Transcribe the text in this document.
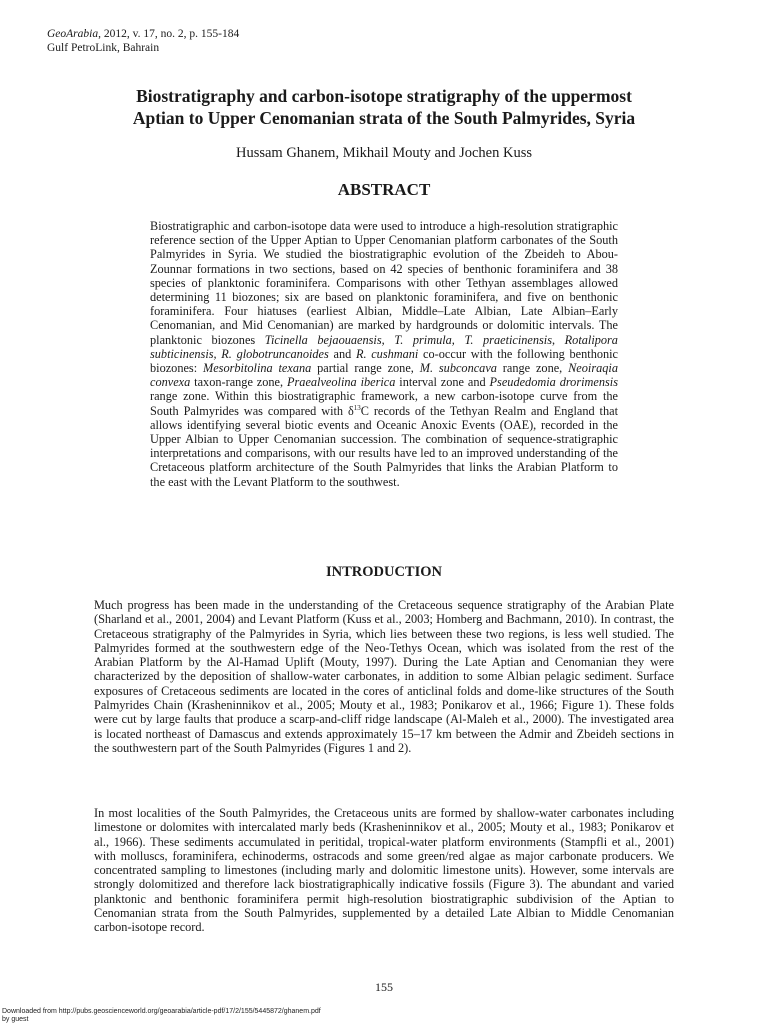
GeoArabia, 2012, v. 17, no. 2, p. 155-184
Gulf PetroLink, Bahrain
Biostratigraphy and carbon-isotope stratigraphy of the uppermost
Aptian to Upper Cenomanian strata of the South Palmyrides, Syria
Hussam Ghanem, Mikhail Mouty and Jochen Kuss
ABSTRACT

Biostratigraphic and carbon-isotope data were used to introduce a high-resolution stratigraphic reference section of the Upper Aptian to Upper Cenomanian platform carbonates of the South Palmyrides in Syria. We studied the biostratigraphic evolution of the Zbeideh to Abou-Zounnar formations in two sections, based on 42 species of benthonic foraminifera and 38 species of planktonic foraminifera. Comparisons with other Tethyan assemblages allowed determining 11 biozones; six are based on planktonic foraminifera, and five on benthonic foraminifera. Four hiatuses (earliest Albian, Middle–Late Albian, Late Albian–Early Cenomanian, and Mid Cenomanian) are marked by hardgrounds or dolomitic intervals. The planktonic biozones Ticinella bejaouaensis, T. primula, T. praeticinensis, Rotalipora subticinensis, R. globotruncanoides and R. cushmani co-occur with the following benthonic biozones: Mesorbitolina texana partial range zone, M. subconcava range zone, Neoiraqia convexa taxon-range zone, Praealveolina iberica interval zone and Pseudedomia drorimensis range zone. Within this biostratigraphic framework, a new carbon-isotope curve from the South Palmyrides was compared with $\delta^{13}C$ records of the Tethyan Realm and England that allows identifying several biotic events and Oceanic Anoxic Events (OAE), recorded in the Upper Albian to Upper Cenomanian succession. The combination of sequence-stratigraphic interpretations and comparisons, with our results have led to an improved understanding of the Cretaceous platform architecture of the South Palmyrides that links the Arabian Platform to the east with the Levant Platform to the southwest.

INTRODUCTION

Much progress has been made in the understanding of the Cretaceous sequence stratigraphy of the Arabian Plate (Sharland et al., 2001, 2004) and Levant Platform (Kuss et al., 2003; Homberg and Bachmann, 2010). In contrast, the Cretaceous stratigraphy of the Palmyrides in Syria, which lies between these two regions, is less well studied. The Palmyrides formed at the southwestern edge of the Neo-Tethys Ocean, which was isolated from the rest of the Arabian Platform by the Al-Hamad Uplift (Mouty, 1997). During the Late Aptian and Cenomanian they were characterized by the deposition of shallow-water carbonates, in addition to some Albian pelagic sediment. Surface exposures of Cretaceous sediments are located in the cores of anticlinal folds and dome-like structures of the South Palmyrides Chain (Krasheninnikov et al., 2005; Mouty et al., 1983; Ponikarov et al., 1966; Figure 1). These folds were cut by large faults that produce a scarp-and-cliff ridge landscape (Al-Maleh et al., 2000). The investigated area is located northeast of Damascus and extends approximately 15–17 km between the Admir and Zbeideh sections in the southwestern part of the South Palmyrides (Figures 1 and 2).

In most localities of the South Palmyrides, the Cretaceous units are formed by shallow-water carbonates including limestone or dolomites with intercalated marly beds (Krasheninnikov et al., 2005; Mouty et al., 1983; Ponikarov et al., 1966). These sediments accumulated in peritidal, tropical-water platform environments (Stampfli et al., 2001) with molluscs, foraminifera, echinoderms, ostracods and some green/red algae as major carbonate producers. We concentrated sampling to limestones (including marly and dolomitic limestone units). However, some intervals are strongly dolomitized and therefore lack biostratigraphically indicative fossils (Figure 3). The abundant and varied planktonic and benthonic foraminifera permit high-resolution biostratigraphic subdivision of the Aptian to Cenomanian strata from the South Palmyrides, supplemented by a detailed Late Albian to Middle Cenomanian carbon-isotope record.

155
Downloaded from http://pubs.geoscienceworld.org/geoarabia/article-pdf/17/2/155/5445872/ghanem.pdf
by guest
